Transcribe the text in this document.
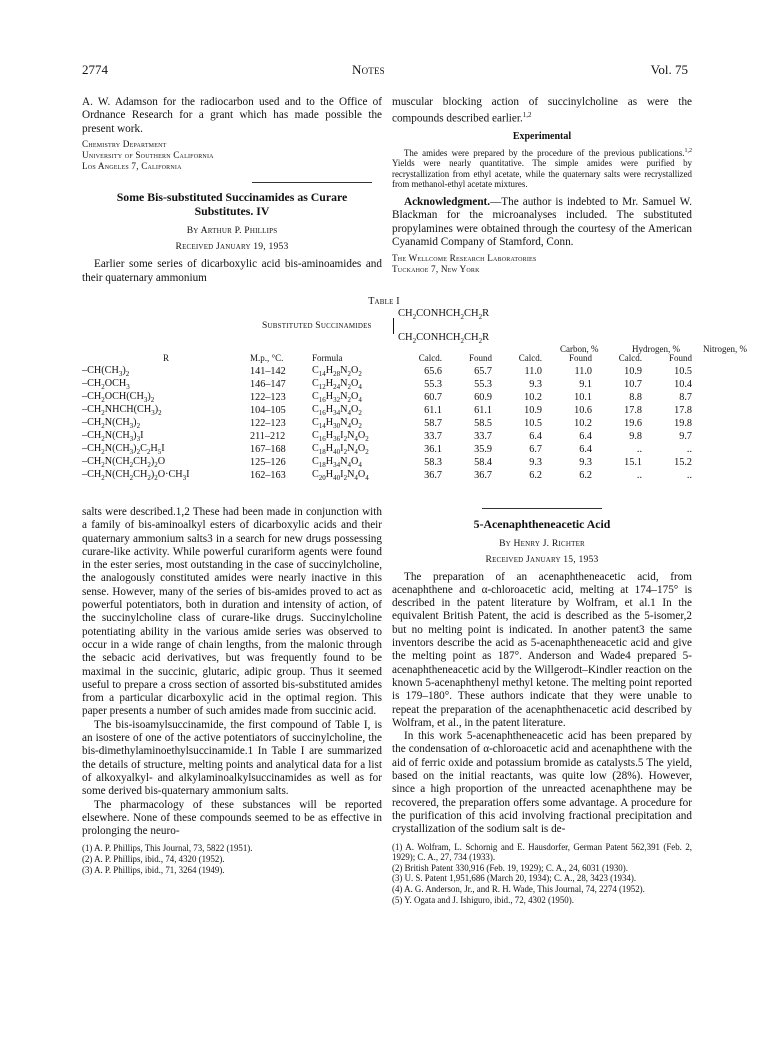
2774	Notes	Vol. 75

A. W. Adamson for the radiocarbon used and to the Office of Ordnance Research for a grant which has made possible the present work.

Chemistry Department
University of Southern California
Los Angeles 7, California

Some Bis-substituted Succinamides as Curare
Substitutes. IV

By Arthur P. Phillips
Received January 19, 1953

Earlier some series of dicarboxylic acid bis-aminoamides and their quaternary ammonium

muscular blocking action of succinylcholine as were the compounds described earlier.$^{1,2}$

Experimental

The amides were prepared by the procedure of the previous publications.$^{1,2}$ Yields were nearly quantitative. The simple amides were purified by recrystallization from ethyl acetate, while the quaternary salts were recrystallized from methanol-ethyl acetate mixtures.

Acknowledgment.—The author is indebted to Mr. Samuel W. Blackman for the microanalyses included. The substituted propylamines were obtained through the courtesy of the American Cyanamid Company of Stamford, Conn.

The Wellcome Research Laboratories
Tuckahoe 7, New York
Table I
$CH_2CONHCH_2CH_2R$
Substituted Succinamides
$CH_2CONHCH_2CH_2R$
Carbon, %	Hydrogen, %	Nitrogen, %
R	M.p., °C.	Formula	Calcd.	Found	Calcd.	Found	Calcd.	Found
$-CH(CH_3)_2$	141–142	$C_{14}H_{28}N_2O_2$	65.6	65.7	11.0	11.0	10.9	10.5
$-CH_2OCH_3$	146–147	$C_{12}H_{24}N_2O_4$	55.3	55.3	9.3	9.1	10.7	10.4
$-CH_2OCH(CH_3)_2$	122–123	$C_{16}H_{32}N_2O_4$	60.7	60.9	10.2	10.1	8.8	8.7
$-CH_2NHCH(CH_3)_2$	104–105	$C_{16}H_{34}N_4O_2$	61.1	61.1	10.9	10.6	17.8	17.8
$-CH_2N(CH_3)_2$	122–123	$C_{14}H_{30}N_4O_2$	58.7	58.5	10.5	10.2	19.6	19.8
$-CH_2N(CH_3)_3I$	211–212	$C_{16}H_{36}I_2N_4O_2$	33.7	33.7	6.4	6.4	9.8	9.7
$-CH_2N(CH_3)_2C_2H_5I$	167–168	$C_{18}H_{40}I_2N_4O_2$	36.1	35.9	6.7	6.4	..	..
$-CH_2N(CH_2CH_2)_2O$	125–126	$C_{18}H_{34}N_4O_4$	58.3	58.4	9.3	9.3	15.1	15.2
$-CH_2N(CH_2CH_2)_2O\cdot CH_3I$	162–163	$C_{20}H_{40}I_2N_4O_4$	36.7	36.7	6.2	6.2	..	..

salts were described.1,2 These had been made in conjunction with a family of bis-aminoalkyl esters of dicarboxylic acids and their quaternary ammonium salts3 in a search for new drugs possessing curare-like activity. While powerful curariform agents were found in the ester series, most outstanding in the case of succinylcholine, the analogously constituted amides were nearly inactive in this sense. However, many of the series of bis-amides proved to act as powerful potentiators, both in duration and intensity of action, of the succinylcholine class of curare-like drugs. Succinylcholine potentiating ability in the various amide series was observed to occur in a wide range of chain lengths, from the malonic through the sebacic acid derivatives, but was frequently found to be maximal in the succinic, glutaric, adipic group. Thus it seemed useful to prepare a cross section of assorted bis-substituted amides from a particular dicarboxylic acid in the optimal region. This paper presents a number of such amides made from succinic acid.

The bis-isoamylsuccinamide, the first compound of Table I, is an isostere of one of the active potentiators of succinylcholine, the bis-dimethylaminoethylsuccinamide.1 In Table I are summarized the details of structure, melting points and analytical data for a list of alkoxyalkyl- and alkylaminoalkylsuccinamides as well as for some derived bis-quaternary ammonium salts.

The pharmacology of these substances will be reported elsewhere. None of these compounds seemed to be as effective in prolonging the neuro-

(1) A. P. Phillips, This Journal, 73, 5822 (1951).

(2) A. P. Phillips, ibid., 74, 4320 (1952).

(3) A. P. Phillips, ibid., 71, 3264 (1949).

5-Acenaphtheneacetic Acid

By Henry J. Richter
Received January 15, 1953

The preparation of an acenaphtheneacetic acid, from acenaphthene and α-chloroacetic acid, melting at 174–175° is described in the patent literature by Wolfram, et al.1 In the equivalent British Patent, the acid is described as the 5-isomer,2 but no melting point is indicated. In another patent3 the same inventors describe the acid as 5-acenaphtheneacetic acid and give the melting point as 187°. Anderson and Wade4 prepared 5-acenaphtheneacetic acid by the Willgerodt–Kindler reaction on the known 5-acenaphthenyl methyl ketone. The melting point reported is 179–180°. These authors indicate that they were unable to repeat the preparation of the acenaphthenacetic acid described by Wolfram, et al., in the patent literature.

In this work 5-acenaphtheneacetic acid has been prepared by the condensation of α-chloroacetic acid and acenaphthene with the aid of ferric oxide and potassium bromide as catalysts.5 The yield, based on the initial reactants, was quite low (28%). However, since a high proportion of the unreacted acenaphthene may be recovered, the preparation offers some advantage. A procedure for the purification of this acid involving fractional precipitation and crystallization of the sodium salt is de-

(1) A. Wolfram, L. Schornig and E. Hausdorfer, German Patent 562,391 (Feb. 2, 1929); C. A., 27, 734 (1933).

(2) British Patent 330,916 (Feb. 19, 1929); C. A., 24, 6031 (1930).

(3) U. S. Patent 1,951,686 (March 20, 1934); C. A., 28, 3423 (1934).

(4) A. G. Anderson, Jr., and R. H. Wade, This Journal, 74, 2274 (1952).

(5) Y. Ogata and J. Ishiguro, ibid., 72, 4302 (1950).
